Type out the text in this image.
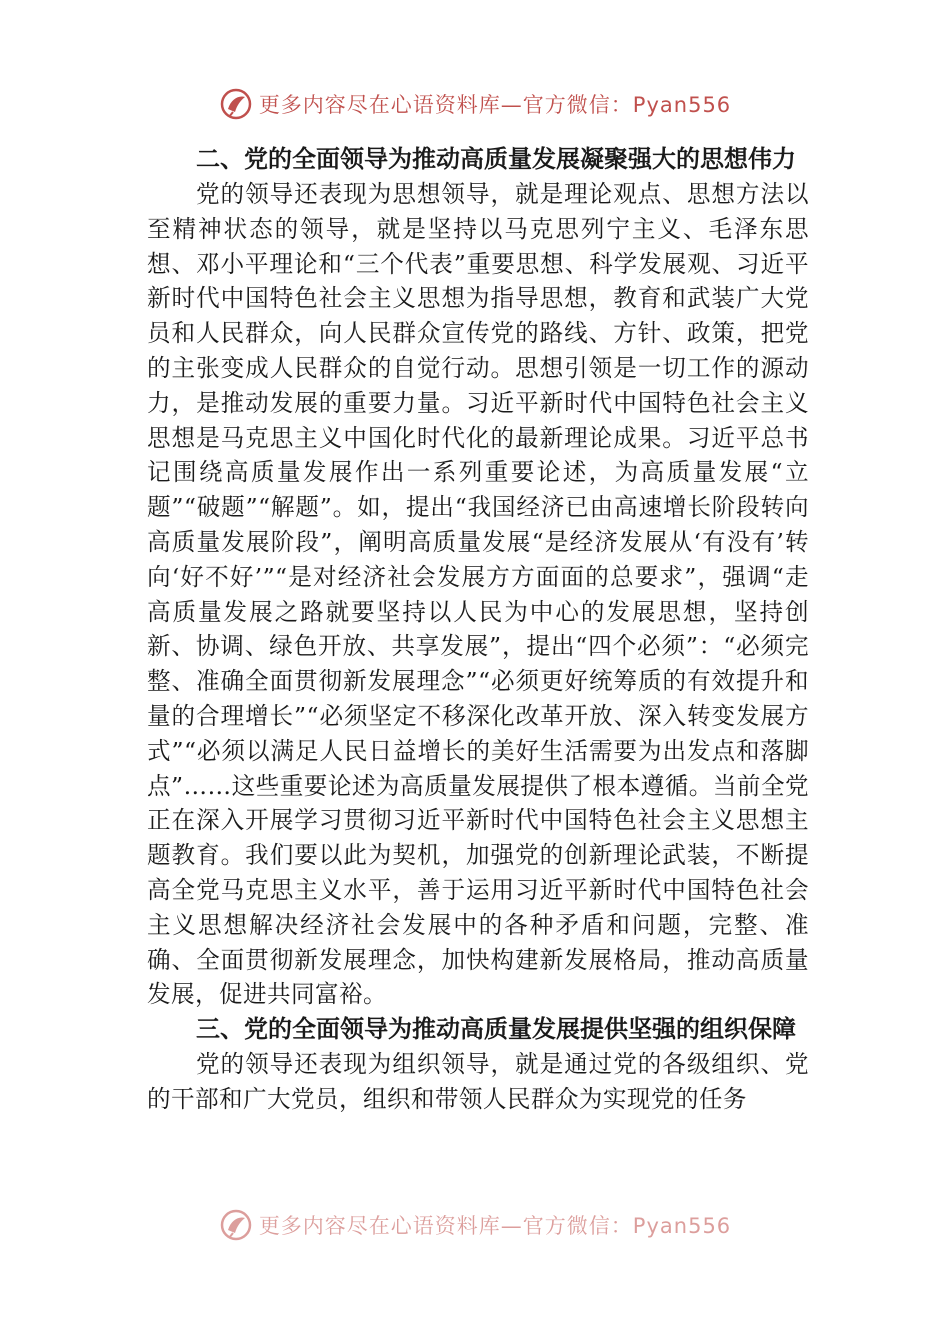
更多内容尽在心语资料库—官方微信：Pyan556

二、党的全面领导为推动高质量发展凝聚强大的思想伟力

党的领导还表现为思想领导，就是理论观点、思想方法以至精神状态的领导，就是坚持以马克思列宁主义、毛泽东思想、邓小平理论和“三个代表”重要思想、科学发展观、习近平新时代中国特色社会主义思想为指导思想，教育和武装广大党员和人民群众，向人民群众宣传党的路线、方针、政策，把党的主张变成人民群众的自觉行动。思想引领是一切工作的源动力，是推动发展的重要力量。习近平新时代中国特色社会主义思想是马克思主义中国化时代化的最新理论成果。习近平总书记围绕高质量发展作出一系列重要论述，为高质量发展“立题”“破题”“解题”。如，提出“我国经济已由高速增长阶段转向高质量发展阶段”，阐明高质量发展“是经济发展从‘有没有’转向‘好不好’”“是对经济社会发展方方面面的总要求”，强调“走高质量发展之路就要坚持以人民为中心的发展思想，坚持创新、协调、绿色开放、共享发展”，提出“四个必须”：“必须完整、准确全面贯彻新发展理念”“必须更好统筹质的有效提升和量的合理增长”“必须坚定不移深化改革开放、深入转变发展方式”“必须以满足人民日益增长的美好生活需要为出发点和落脚点”……这些重要论述为高质量发展提供了根本遵循。当前全党正在深入开展学习贯彻习近平新时代中国特色社会主义思想主题教育。我们要以此为契机，加强党的创新理论武装，不断提高全党马克思主义水平，善于运用习近平新时代中国特色社会主义思想解决经济社会发展中的各种矛盾和问题，完整、准确、全面贯彻新发展理念，加快构建新发展格局，推动高质量发展，促进共同富裕。

三、党的全面领导为推动高质量发展提供坚强的组织保障

党的领导还表现为组织领导，就是通过党的各级组织、党的干部和广大党员，组织和带领人民群众为实现党的任务

更多内容尽在心语资料库—官方微信：Pyan556
